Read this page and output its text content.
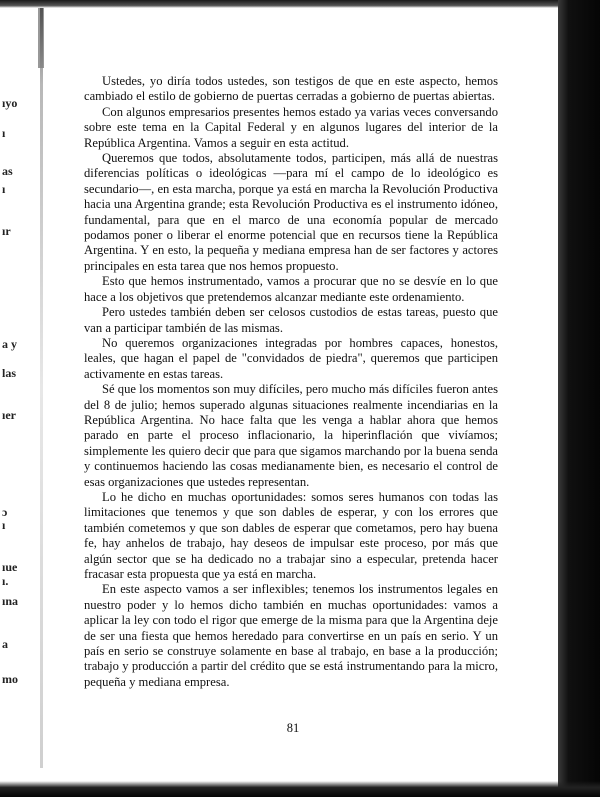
ıyo
ı
as
ı
ır
a y
las
ıer
ɔ
ı
ıue
ı.
ına
a
mo

Ustedes, yo diría todos ustedes, son testigos de que en este aspecto, hemos cambiado el estilo de gobierno de puertas cerradas a gobierno de puertas abiertas.

Con algunos empresarios presentes hemos estado ya varias veces conversando sobre este tema en la Capital Federal y en algunos lugares del interior de la República Argentina. Vamos a seguir en esta actitud.

Queremos que todos, absolutamente todos, participen, más allá de nuestras diferencias políticas o ideológicas —para mí el campo de lo ideológico es secundario—, en esta marcha, porque ya está en marcha la Revolución Productiva hacia una Argentina grande; esta Revolución Productiva es el instrumento idóneo, fundamental, para que en el marco de una economía popular de mercado podamos poner o liberar el enorme potencial que en recursos tiene la República Argentina. Y en esto, la pequeña y mediana empresa han de ser factores y actores principales en esta tarea que nos hemos propuesto.

Esto que hemos instrumentado, vamos a procurar que no se desvíe en lo que hace a los objetivos que pretendemos alcanzar mediante este ordenamiento.

Pero ustedes también deben ser celosos custodios de estas tareas, puesto que van a participar también de las mismas.

No queremos organizaciones integradas por hombres capaces, honestos, leales, que hagan el papel de "convidados de piedra", queremos que participen activamente en estas tareas.

Sé que los momentos son muy difíciles, pero mucho más difíciles fueron antes del 8 de julio; hemos superado algunas situaciones realmente incendiarias en la República Argentina. No hace falta que les venga a hablar ahora que hemos parado en parte el proceso inflacionario, la hiperinflación que vivíamos; simplemente les quiero decir que para que sigamos marchando por la buena senda y continuemos haciendo las cosas medianamente bien, es necesario el control de esas organizaciones que ustedes representan.

Lo he dicho en muchas oportunidades: somos seres humanos con todas las limitaciones que tenemos y que son dables de esperar, y con los errores que también cometemos y que son dables de esperar que cometamos, pero hay buena fe, hay anhelos de trabajo, hay deseos de impulsar este proceso, por más que algún sector que se ha dedicado no a trabajar sino a especular, pretenda hacer fracasar esta propuesta que ya está en marcha.

En este aspecto vamos a ser inflexibles; tenemos los instrumentos legales en nuestro poder y lo hemos dicho también en muchas oportunidades: vamos a aplicar la ley con todo el rigor que emerge de la misma para que la Argentina deje de ser una fiesta que hemos heredado para convertirse en un país en serio. Y un país en serio se construye solamente en base al trabajo, en base a la producción; trabajo y producción a partir del crédito que se está instrumentando para la micro, pequeña y mediana empresa.

81
